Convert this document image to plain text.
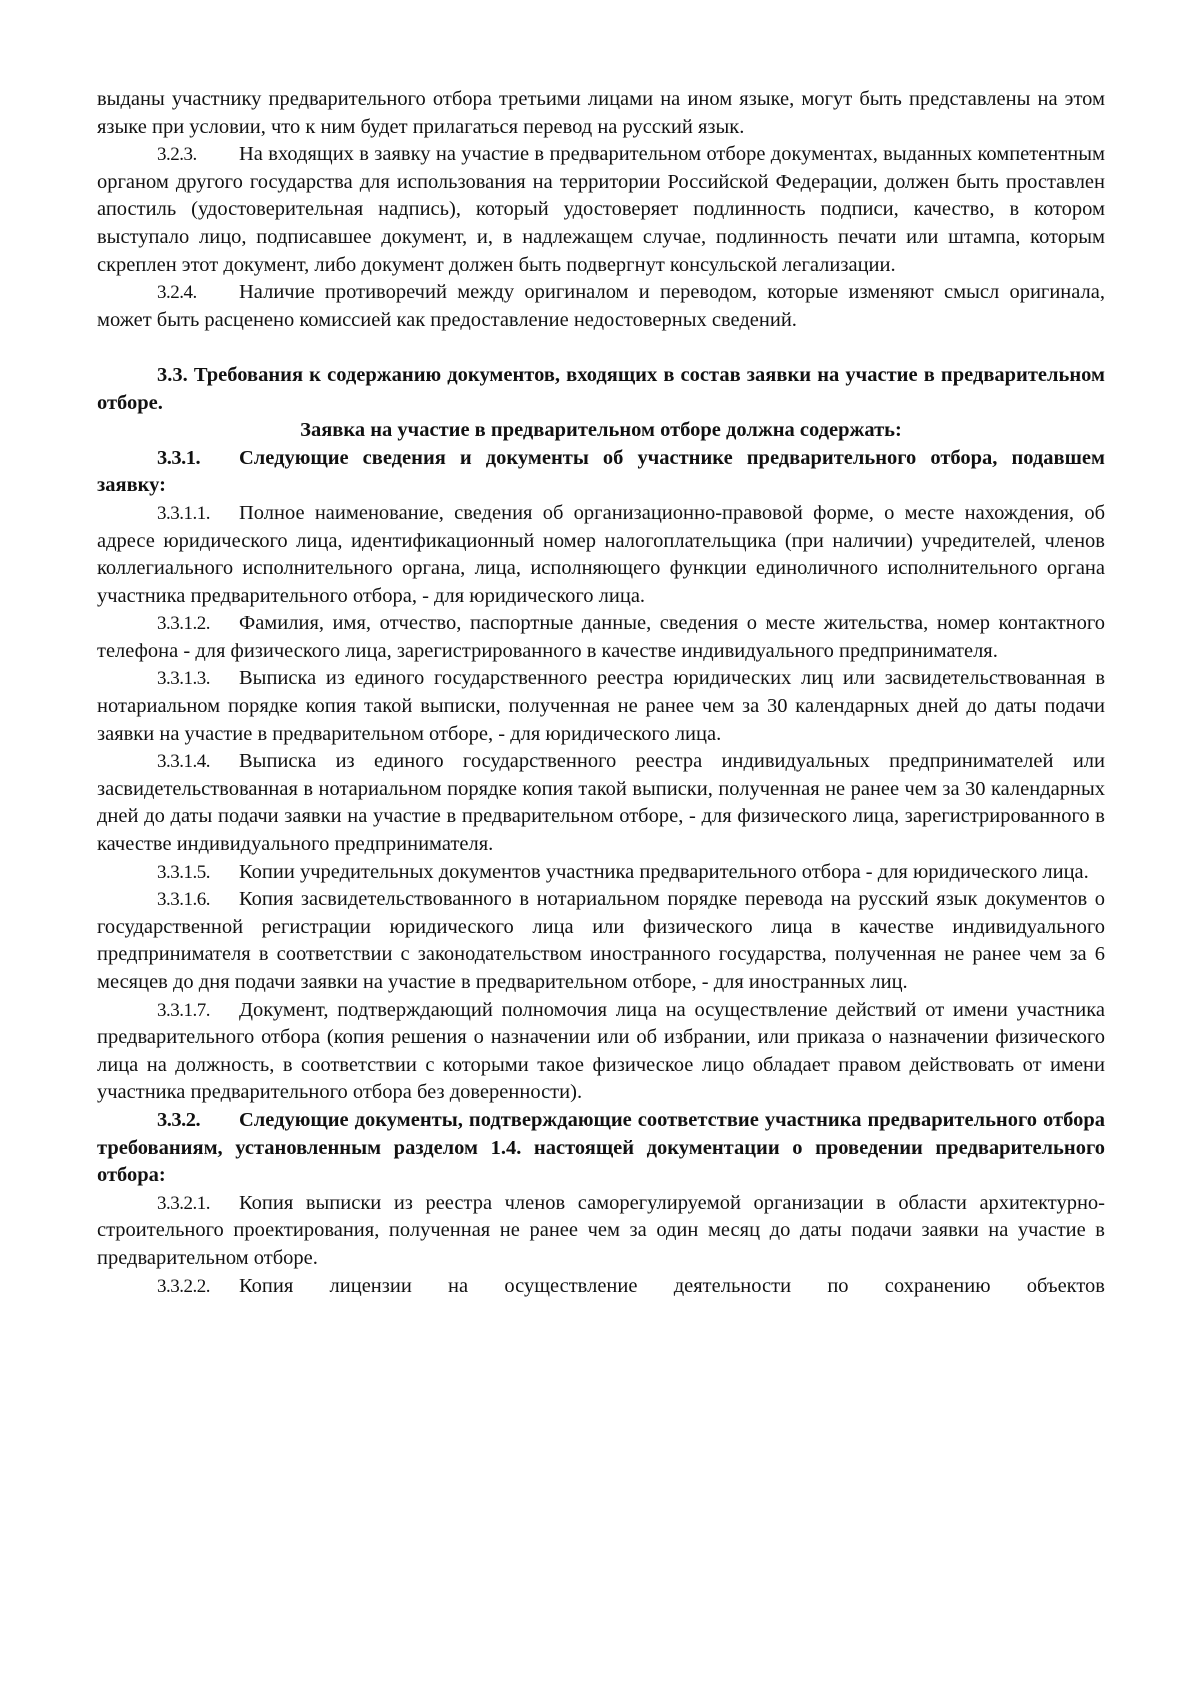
выданы участнику предварительного отбора третьими лицами на ином языке, могут быть представлены на этом языке при условии, что к ним будет прилагаться перевод на русский язык.

3.2.3. На входящих в заявку на участие в предварительном отборе документах, выданных компетентным органом другого государства для использования на территории Российской Федерации, должен быть проставлен апостиль (удостоверительная надпись), который удостоверяет подлинность подписи, качество, в котором выступало лицо, подписавшее документ, и, в надлежащем случае, подлинность печати или штампа, которым скреплен этот документ, либо документ должен быть подвергнут консульской легализации.

3.2.4. Наличие противоречий между оригиналом и переводом, которые изменяют смысл оригинала, может быть расценено комиссией как предоставление недостоверных сведений.

3.3. Требования к содержанию документов, входящих в состав заявки на участие в предварительном отборе.

Заявка на участие в предварительном отборе должна содержать:

3.3.1. Следующие сведения и документы об участнике предварительного отбора, подавшем заявку:

3.3.1.1. Полное наименование, сведения об организационно-правовой форме, о месте нахождения, об адресе юридического лица, идентификационный номер налогоплательщика (при наличии) учредителей, членов коллегиального исполнительного органа, лица, исполняющего функции единоличного исполнительного органа участника предварительного отбора, - для юридического лица.

3.3.1.2. Фамилия, имя, отчество, паспортные данные, сведения о месте жительства, номер контактного телефона - для физического лица, зарегистрированного в качестве индивидуального предпринимателя.

3.3.1.3. Выписка из единого государственного реестра юридических лиц или засвидетельствованная в нотариальном порядке копия такой выписки, полученная не ранее чем за 30 календарных дней до даты подачи заявки на участие в предварительном отборе, - для юридического лица.

3.3.1.4. Выписка из единого государственного реестра индивидуальных предпринимателей или засвидетельствованная в нотариальном порядке копия такой выписки, полученная не ранее чем за 30 календарных дней до даты подачи заявки на участие в предварительном отборе, - для физического лица, зарегистрированного в качестве индивидуального предпринимателя.

3.3.1.5. Копии учредительных документов участника предварительного отбора - для юридического лица.

3.3.1.6. Копия засвидетельствованного в нотариальном порядке перевода на русский язык документов о государственной регистрации юридического лица или физического лица в качестве индивидуального предпринимателя в соответствии с законодательством иностранного государства, полученная не ранее чем за 6 месяцев до дня подачи заявки на участие в предварительном отборе, - для иностранных лиц.

3.3.1.7. Документ, подтверждающий полномочия лица на осуществление действий от имени участника предварительного отбора (копия решения о назначении или об избрании, или приказа о назначении физического лица на должность, в соответствии с которыми такое физическое лицо обладает правом действовать от имени участника предварительного отбора без доверенности).

3.3.2. Следующие документы, подтверждающие соответствие участника предварительного отбора требованиям, установленным разделом 1.4. настоящей документации о проведении предварительного отбора:

3.3.2.1. Копия выписки из реестра членов саморегулируемой организации в области архитектурно-строительного проектирования, полученная не ранее чем за один месяц до даты подачи заявки на участие в предварительном отборе.

3.3.2.2. Копия лицензии на осуществление деятельности по сохранению объектов
